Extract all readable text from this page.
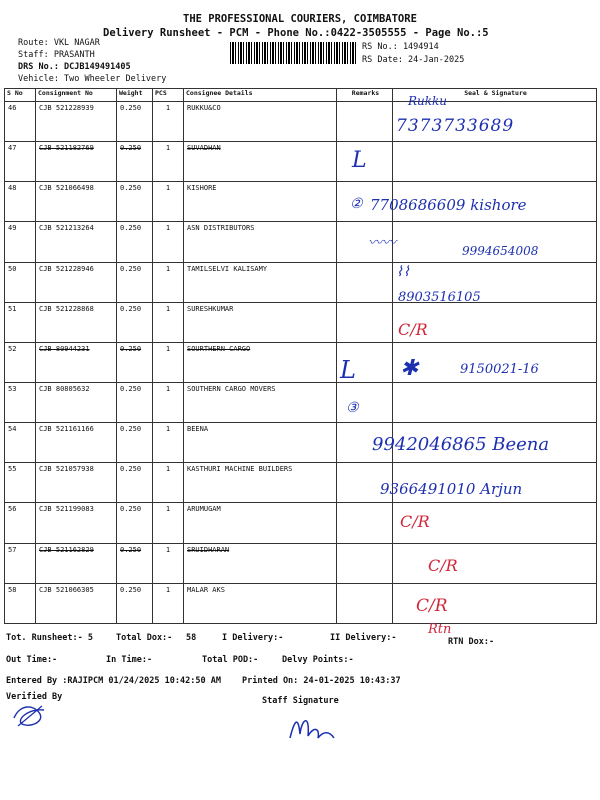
THE PROFESSIONAL COURIERS, COIMBATORE
Delivery Runsheet - PCM - Phone No.:0422-3505555 - Page No.:5
Route: VKL NAGAR
Staff: PRASANTH
DRS No.: DCJB149491405
Vehicle: Two Wheeler Delivery
RS No.: 1494914
RS Date: 24-Jan-2025
S No	Consignment No	Weight	PCS	Consignee Details	Remarks	Seal & Signature
46	CJB 521228939	0.250	1	RUKKU&CO		
47	CJB 521182769	0.250	1	SUVADHAN		
48	CJB 521066498	0.250	1	KISHORE		
49	CJB 521213264	0.250	1	ASN DISTRIBUTORS		
50	CJB 521228946	0.250	1	TAMILSELVI KALISAMY		
51	CJB 521228868	0.250	1	SURESHKUMAR		
52	CJB 80944231	0.250	1	SOURTHERN CARGO		
53	CJB 80805632	0.250	1	SOUTHERN CARGO MOVERS		
54	CJB 521161166	0.250	1	BEENA		
55	CJB 521057938	0.250	1	KASTHURI MACHINE BUILDERS		
56	CJB 521199083	0.250	1	ARUMUGAM		
57	CJB 521162829	0.250	1	SRUIDHARAN		
58	CJB 521066305	0.250	1	MALAR AKS		
Rukku
7373733689
L
② 7708686609 kishore
〰〰	9994654008
⌇⌇
8903516105
C/R
L ✱	9150021-16
③
9942046865 Beena
9366491010 Arjun
C/R
C/R
C/R
Rtn
Tot. Runsheet:- 5	Total Dox:- 58	I Delivery:-	II Delivery:-	RTN Dox:-
Out Time:-	In Time:-	Total POD:-	Delvy Points:-
Entered By :RAJIPCM 01/24/2025 10:42:50 AM Printed On: 24-01-2025 10:43:37
Verified By	Staff Signature
